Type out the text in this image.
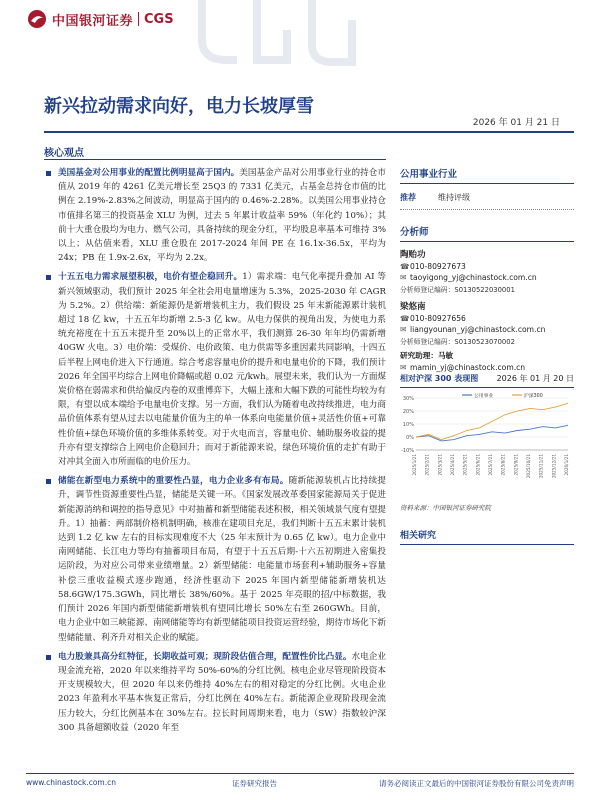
中国银河证券 CGS
新兴拉动需求向好，电力长坡厚雪
2026 年 01 月 21 日
核心观点
美国基金对公用事业的配置比例明显高于国内。美国基金产品对公用事业行业的持仓市值从 2019 年的 4261 亿美元增长至 25Q3 的 7331 亿美元，占基金总持仓市值的比例在 2.19%-2.83%之间波动，明显高于国内的 0.46%-2.28%。以美国公用事业持仓市值排名第三的投资基金 XLU 为例，过去 5 年累计收益率 59%（年化约 10%）；其前十大重仓股均为电力、燃气公司，具备持续的现金分红，平均股息率基本可维持 3%以上；从估值来看，XLU 重仓股在 2017-2024 年间 PE 在 16.1x-36.5x，平均为 24x；PB 在 1.9x-2.6x，平均为 2.2x。
十五五电力需求展望积极，电价有望企稳回升。1）需求端：电气化率提升叠加 AI 等新兴领域驱动，我们预计 2025 年全社会用电量增速为 5.3%，2025-2030 年 CAGR 为 5.2%。2）供给端：新能源仍是新增装机主力，我们假设 25 年末新能源累计装机超过 18 亿 kw，十五五年均新增 2.5-3 亿 kw。从电力保供的视角出发，为使电力系统充裕度在十五五末提升至 20%以上的正常水平，我们测算 26-30 年年均仍需新增 40GW 火电。3）电价端：受煤价、电价政策、电力供需等多重因素共同影响，十四五后半程上网电价进入下行通道。综合考虑容量电价的提升和电量电价的下降，我们预计 2026 年全国平均综合上网电价降幅或超 0.02 元/kwh。展望未来，我们认为一方面煤炭价格在弱需求和供给偏反内卷的双重博弈下，大幅上涨和大幅下跌的可能性均较为有限，有望以成本端给予电量电价支撑。另一方面，我们认为随着电改持续推进，电力商品价值体系有望从过去以电能量价值为主的单一体系向电能量价值+灵活性价值+可靠性价值+绿色环境价值的多维体系转变。对于火电而言，容量电价、辅助服务收益的提升亦有望支撑综合上网电价企稳回升；而对于新能源来说，绿色环境价值的走扩有助于对冲其全面入市所面临的电价压力。
储能在新型电力系统中的重要性凸显，电力企业多有布局。随新能源装机占比持续提升，调节性资源重要性凸显，储能是关键一环。《国家发展改革委国家能源局关于促进新能源消纳和调控的指导意见》中对抽蓄和新型储能表述积极，相关领域景气度有望提升。1）抽蓄：两部制价格机制明确，核准在建项目充足，我们判断十五五末累计装机达到 1.2 亿 kw 左右的目标实现难度不大（25 年末预计为 0.65 亿 kw）。电力企业中南网储能、长江电力等均有抽蓄项目布局，有望于十五五后期-十六五初期进入密集投运阶段，为对应公司带来业绩增量。2）新型储能：电能量市场套利+辅助服务+容量补偿三重收益模式逐步跑通，经济性驱动下 2025 年国内新型储能新增装机达 58.6GW/175.3GWh，同比增长 38%/60%。基于 2025 年亮眼的招/中标数据，我们预计 2026 年国内新型储能新增装机有望同比增长 50%左右至 260GWh。目前，电力企业中如三峡能源、南网储能等均有新型储能项目投资运营经验，期待市场化下新型储能量、利齐升对相关企业的赋能。
电力股兼具高分红特征，长期收益可观；现阶段估值合理，配置性价比凸显。水电企业现金流充裕，2020 年以来维持平均 50%-60%的分红比例。核电企业尽管现阶段资本开支规模较大，但 2020 年以来仍维持 40%左右的相对稳定的分红比例。火电企业 2023 年盈利水平基本恢复正常后，分红比例在 40%左右。新能源企业现阶段现金流压力较大，分红比例基本在 30%左右。拉长时间周期来看，电力（SW）指数较沪深 300 具备超额收益（2020 年至
公用事业行业
推荐	维持评级
分析师
陶贻功
☎010-80927673
✉ taoyigong_yj@chinastock.com.cn
分析师登记编码：S0130522030001
梁悠南
☎010-80927656
✉ liangyounan_yj@chinastock.com.cn
分析师登记编码：S0130523070002
研究助理：马敏
✉ mamin_yj@chinastock.com.cn
相对沪深 300 表现图 2026 年 01 月 20 日
-10%
0%
10%
20%
30%
2025/1/21 2025/2/21 2025/3/21 2025/4/21 2025/5/21 2025/6/21 2025/7/21 2025/8/21 2025/9/21 2025/10/21 2025/11/21 2025/12/21 2026/1/21
公用事业	沪深300
资料来源：中国银河证券研究院
相关研究
www.chinastock.com.cn	证券研究报告	请务必阅读正文最后的中国银河证券股份有限公司免责声明
